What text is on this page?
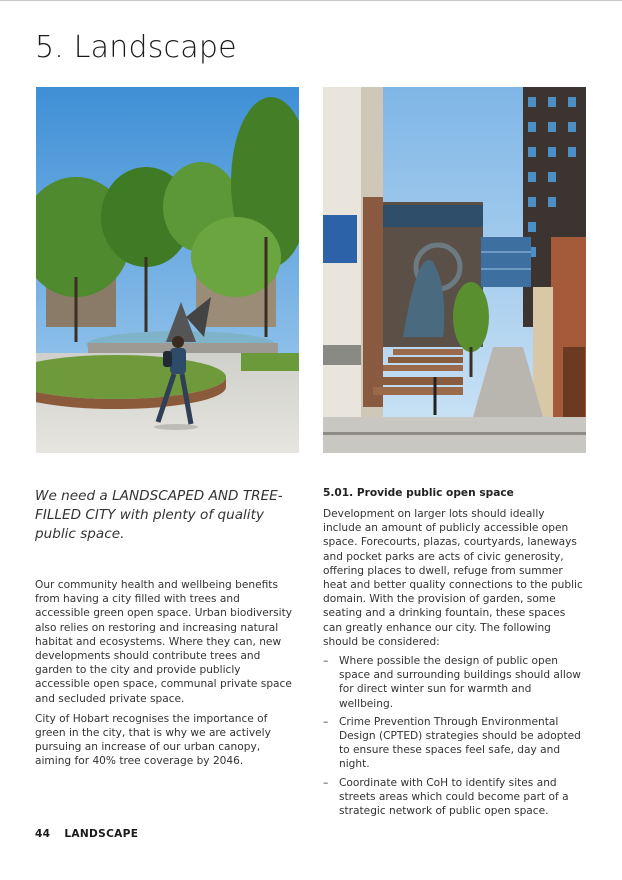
5. Landscape
We need a LANDSCAPED AND TREE-FILLED CITY with plenty of quality public space.

Our community health and wellbeing benefits from having a city filled with trees and accessible green open space. Urban biodiversity also relies on restoring and increasing natural habitat and ecosystems. Where they can, new developments should contribute trees and garden to the city and provide publicly accessible open space, communal private space and secluded private space.

City of Hobart recognises the importance of green in the city, that is why we are actively pursuing an increase of our urban canopy, aiming for 40% tree coverage by 2046.

5.01. Provide public open space

Development on larger lots should ideally include an amount of publicly accessible open space. Forecourts, plazas, courtyards, laneways and pocket parks are acts of civic generosity, offering places to dwell, refuge from summer heat and better quality connections to the public domain. With the provision of garden, some seating and a drinking fountain, these spaces can greatly enhance our city. The following should be considered:

– Where possible the design of public open space and surrounding buildings should allow for direct winter sun for warmth and wellbeing.
– Crime Prevention Through Environmental Design (CPTED) strategies should be adopted to ensure these spaces feel safe, day and night.
– Coordinate with CoH to identify sites and streets areas which could become part of a strategic network of public open space.
44 LANDSCAPE
